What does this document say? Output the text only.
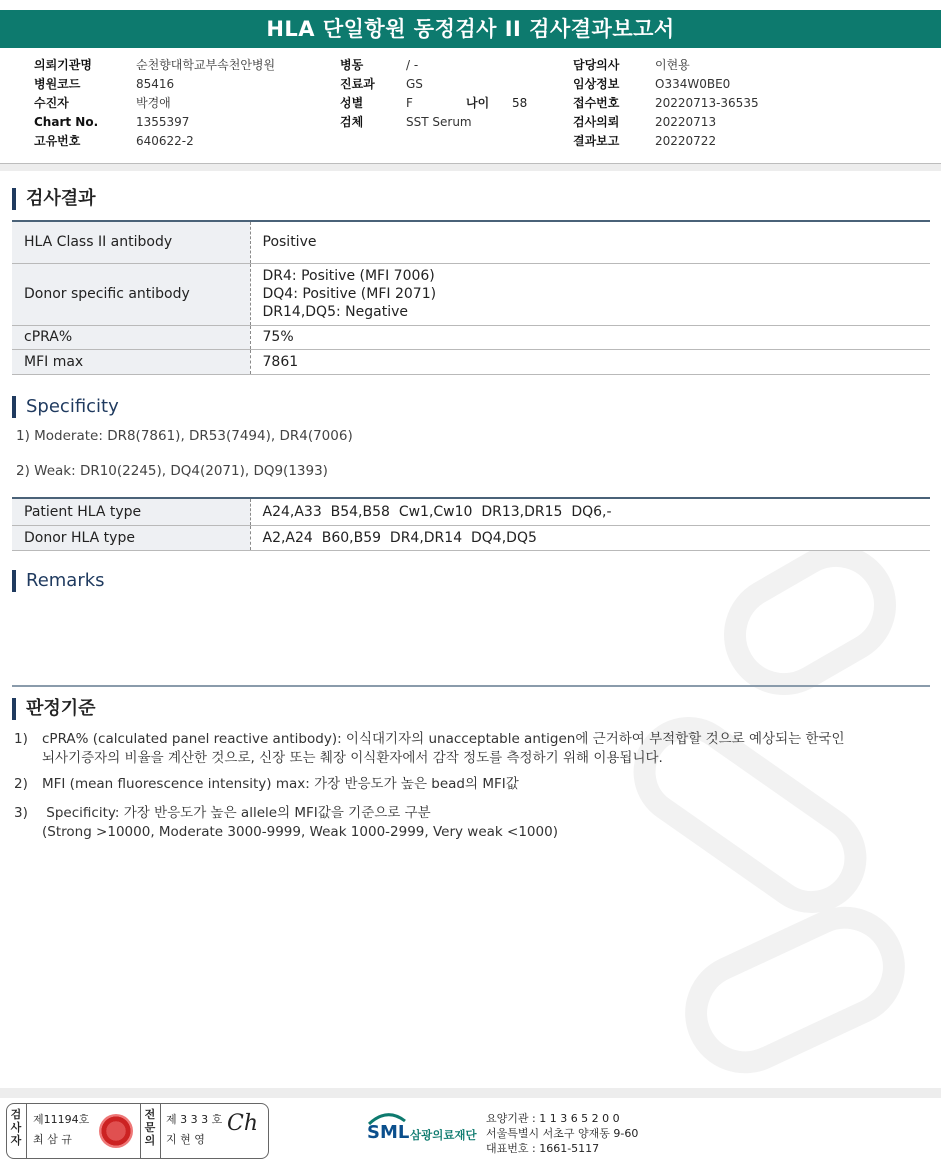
HLA 단일항원 동정검사 II 검사결과보고서
의뢰기관명	순천향대학교부속천안병원
병원코드	85416
수진자	박경애
Chart No.	1355397
고유번호	640622-2
병동	/ -
진료과	GS
성별	F	나이 58
검체	SST Serum
담당의사	이현용
임상정보	O334W0BE0
접수번호	20220713-36535
검사의뢰	20220713
결과보고	20220722
검사결과
HLA Class II antibody	Positive
Donor specific antibody	DR4: Positive (MFI 7006)
DQ4: Positive (MFI 2071)
DR14,DQ5: Negative

cPRA%	75%
MFI max	7861
Specificity
1) Moderate: DR8(7861), DR53(7494), DR4(7006)
2) Weak: DR10(2245), DQ4(2071), DQ9(1393)
Patient HLA type	A24,A33  B54,B58  Cw1,Cw10  DR13,DR15  DQ6,-
Donor HLA type	A2,A24  B60,B59  DR4,DR14  DQ4,DQ5
Remarks
판정기준
1) cPRA% (calculated panel reactive antibody): 이식대기자의 unacceptable antigen에 근거하여 부적합할 것으로 예상되는 한국인
뇌사기증자의 비율을 계산한 것으로, 신장 또는 췌장 이식환자에서 감작 정도를 측정하기 위해 이용됩니다.
2) MFI (mean fluorescence intensity) max: 가장 반응도가 높은 bead의 MFI값
3) Specificity: 가장 반응도가 높은 allele의 MFI값을 기준으로 구분
(Strong >10000, Moderate 3000-9999, Weak 1000-2999, Very weak <1000)
검
사
자
제11194호
최 삼 규
전
문
의
제 3 3 3 호
지 현 영
Ch	SML 삼광의료재단
요양기관 : 1 1 3 6 5 2 0 0
서울특별시 서초구 양재동 9-60
대표번호 : 1661-5117
